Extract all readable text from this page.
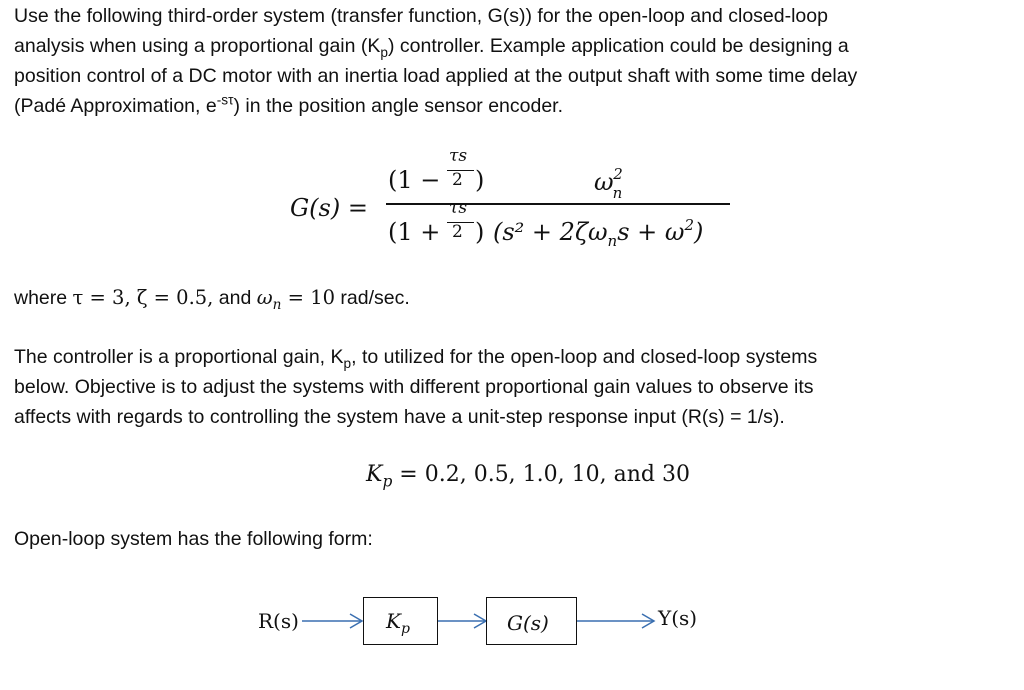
Use the following third-order system (transfer function, G(s)) for the open-loop and closed-loop
analysis when using a proportional gain $(K_p)$ controller. Example application could be designing a
position control of a DC motor with an inertia load applied at the output shaft with some time delay
(Padé Approximation, $e^{-s\tau}$) in the position angle sensor encoder.
G(s) =
(1 −
τs
2 )	$\omega_n^2$
(1 +
τs
2 ) $(s^2 + 2\zeta\omega_ns + \omega^2)$
where τ = 3, ζ = 0.5, and $\omega_n = 10$ rad/sec.
The controller is a proportional gain, $K_p$, to utilized for the open-loop and closed-loop systems
below. Objective is to adjust the systems with different proportional gain values to observe its
affects with regards to controlling the system have a unit-step response input (R(s) = 1/s).
$K_p = 0.2$, 0.5, 1.0, 10, and 30
Open-loop system has the following form:
R(s)	$K_p$	G(s)	Y(s)
